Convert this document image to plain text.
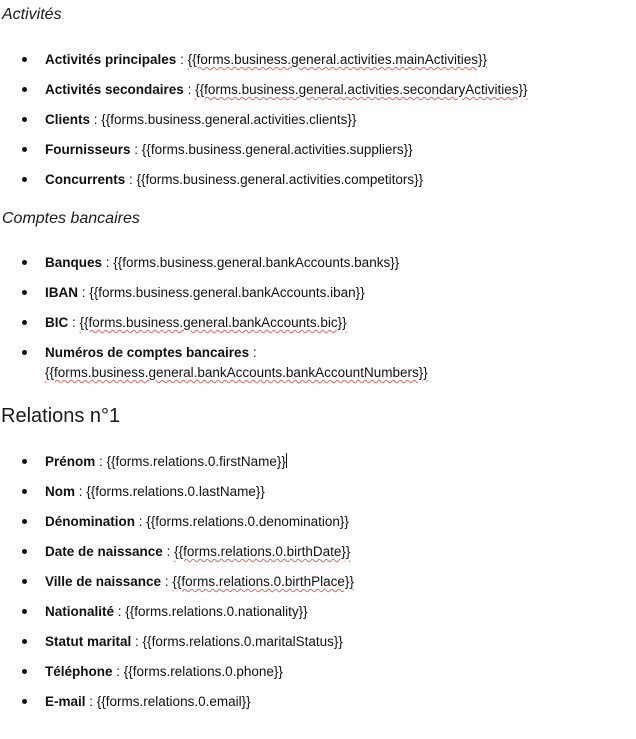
Activités
Activités principales : {{forms.business.general.activities.mainActivities}}
Activités secondaires : {{forms.business.general.activities.secondaryActivities}}
Clients : {{forms.business.general.activities.clients}}
Fournisseurs : {{forms.business.general.activities.suppliers}}
Concurrents : {{forms.business.general.activities.competitors}}
Comptes bancaires
Banques : {{forms.business.general.bankAccounts.banks}}
IBAN : {{forms.business.general.bankAccounts.iban}}
BIC : {{forms.business.general.bankAccounts.bic}}
Numéros de comptes bancaires :
{{forms.business.general.bankAccounts.bankAccountNumbers}}
Relations n°1
Prénom : {{forms.relations.0.firstName}}
Nom : {{forms.relations.0.lastName}}
Dénomination : {{forms.relations.0.denomination}}
Date de naissance : {{forms.relations.0.birthDate}}
Ville de naissance : {{forms.relations.0.birthPlace}}
Nationalité : {{forms.relations.0.nationality}}
Statut marital : {{forms.relations.0.maritalStatus}}
Téléphone : {{forms.relations.0.phone}}
E-mail : {{forms.relations.0.email}}
